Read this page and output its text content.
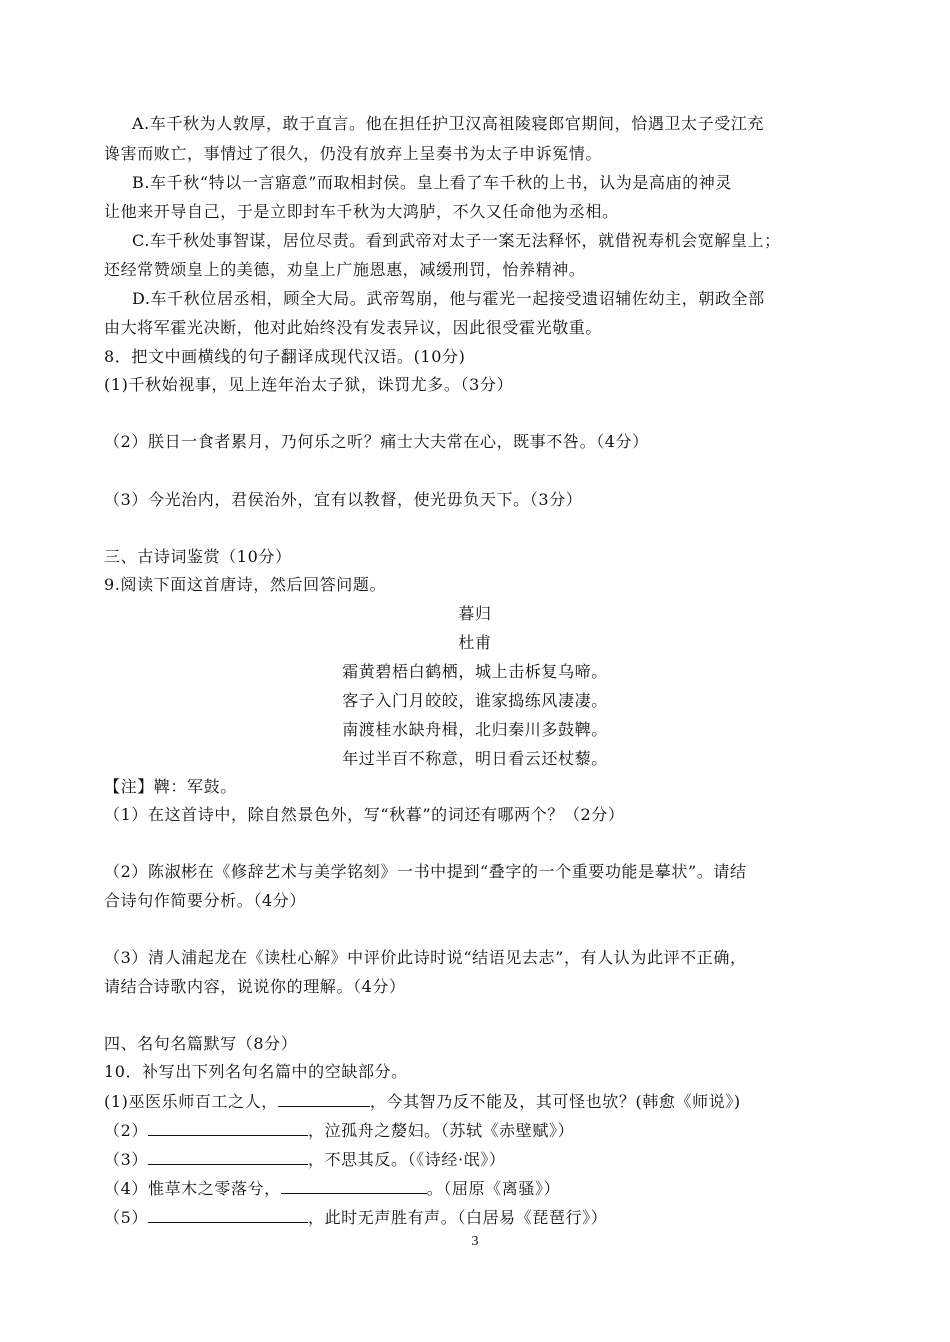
A.车千秋为人敦厚，敢于直言。他在担任护卫汉高祖陵寝郎官期间，恰遇卫太子受江充
谗害而败亡，事情过了很久，仍没有放弃上呈奏书为太子申诉冤情。
B.车千秋“特以一言寤意”而取相封侯。皇上看了车千秋的上书，认为是高庙的神灵
让他来开导自己，于是立即封车千秋为大鸿胪，不久又任命他为丞相。
C.车千秋处事智谋，居位尽责。看到武帝对太子一案无法释怀，就借祝寿机会宽解皇上；
还经常赞颂皇上的美德，劝皇上广施恩惠，减缓刑罚，怡养精神。
D.车千秋位居丞相，顾全大局。武帝驾崩，他与霍光一起接受遗诏辅佐幼主，朝政全部
由大将军霍光决断，他对此始终没有发表异议，因此很受霍光敬重。
8．把文中画横线的句子翻译成现代汉语。(10分)
(1)千秋始视事，见上连年治太子狱，诛罚尤多。（3分）
（2）朕日一食者累月，乃何乐之听？痛士大夫常在心，既事不咎。（4分）
（3）今光治内，君侯治外，宜有以教督，使光毋负天下。（3分）
三、古诗词鉴赏（10分）
9.阅读下面这首唐诗，然后回答问题。
暮归
杜甫
霜黄碧梧白鹤栖，城上击柝复乌啼。
客子入门月皎皎，谁家捣练风凄凄。
南渡桂水缺舟楫，北归秦川多鼓鞞。
年过半百不称意，明日看云还杖藜。
【注】鞞：军鼓。
（1）在这首诗中，除自然景色外，写“秋暮”的词还有哪两个？（2分）
（2）陈淑彬在《修辞艺术与美学铭刻》一书中提到“叠字的一个重要功能是摹状”。请结
合诗句作简要分析。（4分）
（3）清人浦起龙在《读杜心解》中评价此诗时说“结语见去志”，有人认为此评不正确，
请结合诗歌内容，说说你的理解。（4分）
四、名句名篇默写（8分）
10．补写出下列名句名篇中的空缺部分。
(1)巫医乐师百工之人，	，今其智乃反不能及，其可怪也欤？(韩愈《师说》)
（2）	，泣孤舟之嫠妇。（苏轼《赤壁赋》）
（3）	，不思其反。（《诗经·氓》）
（4）惟草木之零落兮，	。（屈原《离骚》）
（5）	，此时无声胜有声。（白居易《琵琶行》）
3
